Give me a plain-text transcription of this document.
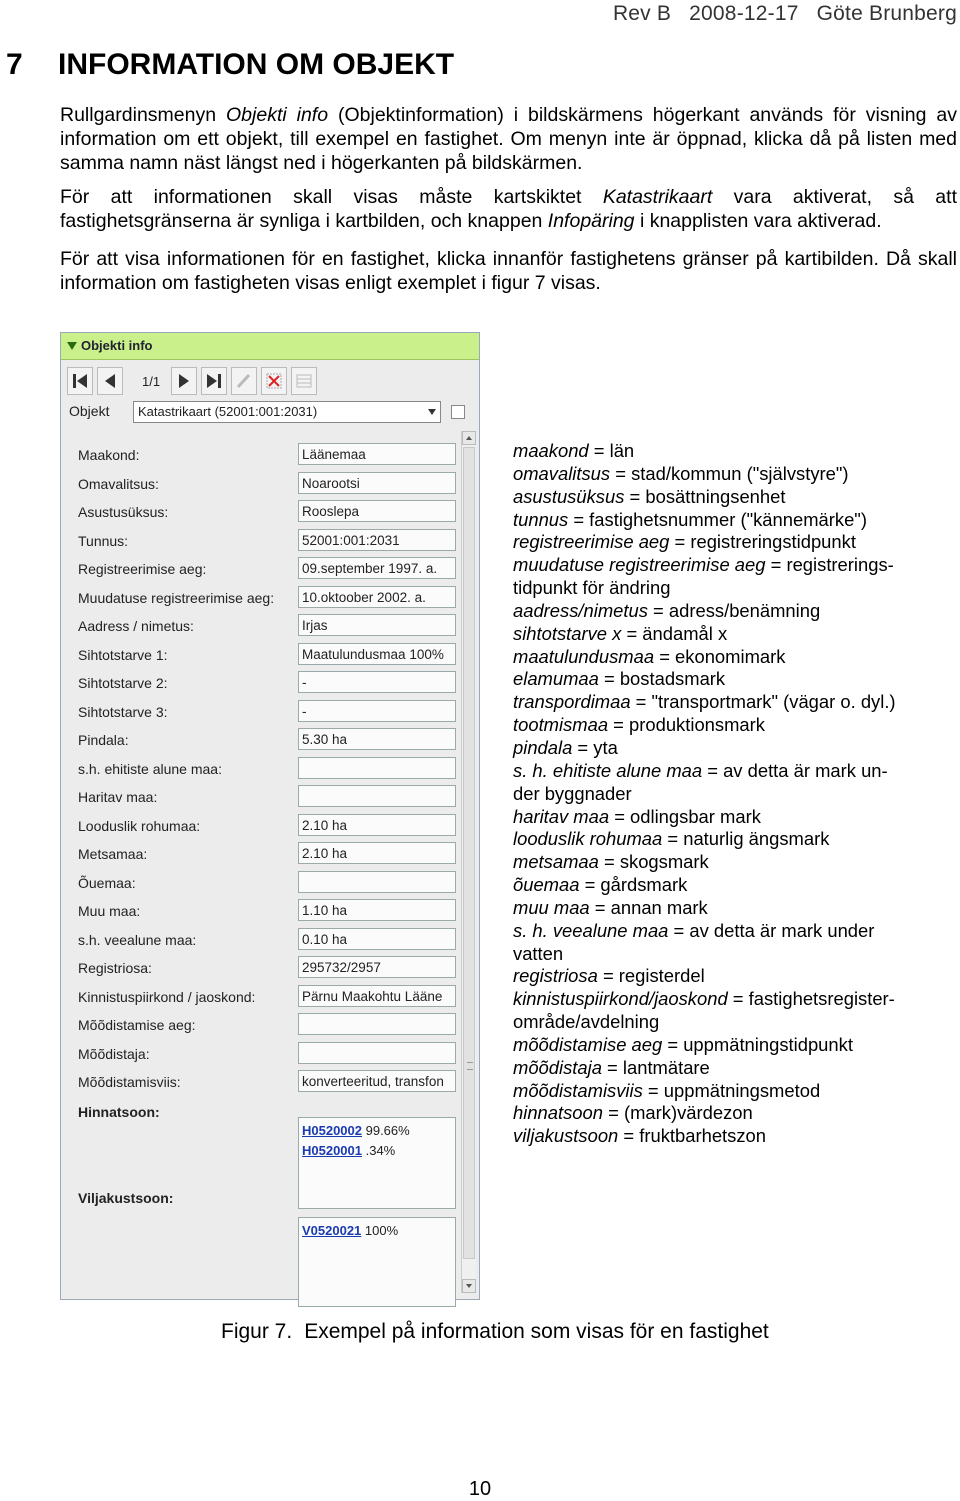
Rev B 2008-12-17 Göte Brunberg
7 INFORMATION OM OBJEKT
Rullgardinsmenyn Objekti info (Objektinformation) i bildskärmens högerkant används för visning av information om ett objekt, till exempel en fastighet. Om menyn inte är öppnad, klicka då på listen med samma namn näst längst ned i högerkanten på bildskärmen.
För att informationen skall visas måste kartskiktet Katastrikaart vara aktiverat, så att fastighetsgränserna är synliga i kartbilden, och knappen Infopäring i knapplisten vara aktiverad.
För att visa informationen för en fastighet, klicka innanför fastighetens gränser på kartibilden. Då skall information om fastigheten visas enligt exemplet i figur 7 visas.
Objekti info
1/1
Objekt	Katastrikaart (52001:001:2031)
Maakond:	Läänemaa
Omavalitsus:	Noarootsi
Asustusüksus:	Rooslepa
Tunnus:	52001:001:2031
Registreerimise aeg:	09.september 1997. a.
Muudatuse registreerimise aeg: 10.oktoober 2002. a.
Aadress / nimetus:	Irjas
Sihtotstarve 1:	Maatulundusmaa 100%
Sihtotstarve 2:	-
Sihtotstarve 3:	-
Pindala:	5.30 ha
s.h. ehitiste alune maa:
Haritav maa:
Looduslik rohumaa:	2.10 ha
Metsamaa:	2.10 ha
Õuemaa:
Muu maa:	1.10 ha
s.h. veealune maa:	0.10 ha
Registriosa:	295732/2957
Kinnistuspiirkond / jaoskond:	Pärnu Maakohtu Lääne
Mõõdistamise aeg:
Mõõdistaja:
Mõõdistamisviis:	konverteeritud, transfon
Hinnatsoon:
H0520002 99.66%
H0520001 .34%
Viljakustsoon:
V0520021 100%
maakond = län
omavalitsus = stad/kommun ("självstyre")
asustusüksus = bosättningsenhet
tunnus = fastighetsnummer ("kännemärke")
registreerimise aeg = registreringstidpunkt
muudatuse registreerimise aeg = registrerings-
tidpunkt för ändring
aadress/nimetus = adress/benämning
sihtotstarve x = ändamål x
maatulundusmaa = ekonomimark
elamumaa = bostadsmark
transpordimaa = "transportmark" (vägar o. dyl.)
tootmismaa = produktionsmark
pindala = yta
s. h. ehitiste alune maa = av detta är mark un-
der byggnader
haritav maa = odlingsbar mark
looduslik rohumaa = naturlig ängsmark
metsamaa = skogsmark
õuemaa = gårdsmark
muu maa = annan mark
s. h. veealune maa = av detta är mark under
vatten
registriosa = registerdel
kinnistuspiirkond/jaoskond = fastighetsregister-
område/avdelning
mõõdistamise aeg = uppmätningstidpunkt
mõõdistaja = lantmätare
mõõdistamisviis = uppmätningsmetod
hinnatsoon = (mark)värdezon
viljakustsoon = fruktbarhetszon
Figur 7. Exempel på information som visas för en fastighet
10
